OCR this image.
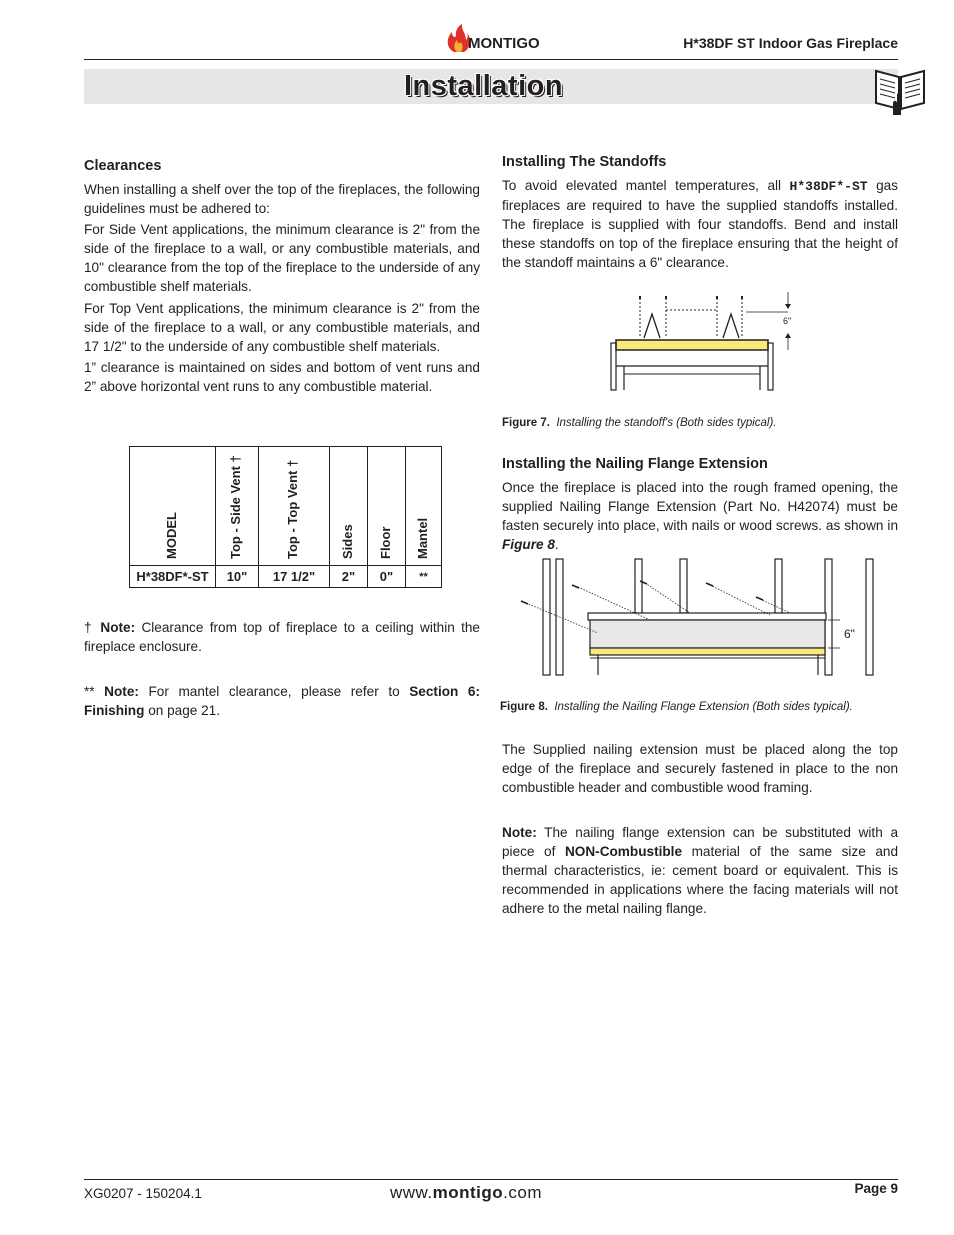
MONTIGO	H*38DF ST Indoor Gas Fireplace
Installation
Clearances

When installing a shelf over the top of the fireplaces, the following guidelines must be adhered to:

For Side Vent applications, the minimum clearance is 2" from the side of the fireplace to a wall, or any combustible materials, and 10" clearance from the top of the fireplace to the underside of any combustible shelf materials.

For Top Vent applications, the minimum clearance is 2" from the side of the fireplace to a wall, or any combustible materials, and 17 1/2" to the underside of any combustible shelf materials.

1” clearance is maintained on sides and bottom of vent runs and 2” above horizontal vent runs to any combustible material.

MODEL	Top - Side Vent †	Top - Top Vent †	Sides	Floor	Mantel

H*38DF*-ST	10"	17 1/2"	2"	0"	**

† Note: Clearance from top of fireplace to a ceiling within the fireplace enclosure.

** Note: For mantel clearance, please refer to Section 6: Finishing on page 21.

Installing The Standoffs

To avoid elevated mantel temperatures, all H*38DF*-ST gas fireplaces are required to have the supplied standoffs installed. The fireplace is supplied with four standoffs. Bend and install these standoffs on top of the fireplace ensuring that the height of the standoff maintains a 6" clearance.

6"
Figure 7. Installing the standoff's (Both sides typical).
Installing the Nailing Flange Extension

Once the fireplace is placed into the rough framed opening, the supplied Nailing Flange Extension (Part No. H42074) must be fasten securely into place, with nails or wood screws. as shown in Figure 8.

6"
Figure 8. Installing the Nailing Flange Extension (Both sides typical).

The Supplied nailing extension must be placed along the top edge of the fireplace and securely fastened in place to the non combustible header and combustible wood framing.

Note: The nailing flange extension can be substituted with a piece of NON-Combustible material of the same size and thermal characteristics, ie: cement board or equivalent. This is recommended in applications where the facing materials will not adhere to the metal nailing flange.

XG0207 - 150204.1	www.montigo.com	Page 9
